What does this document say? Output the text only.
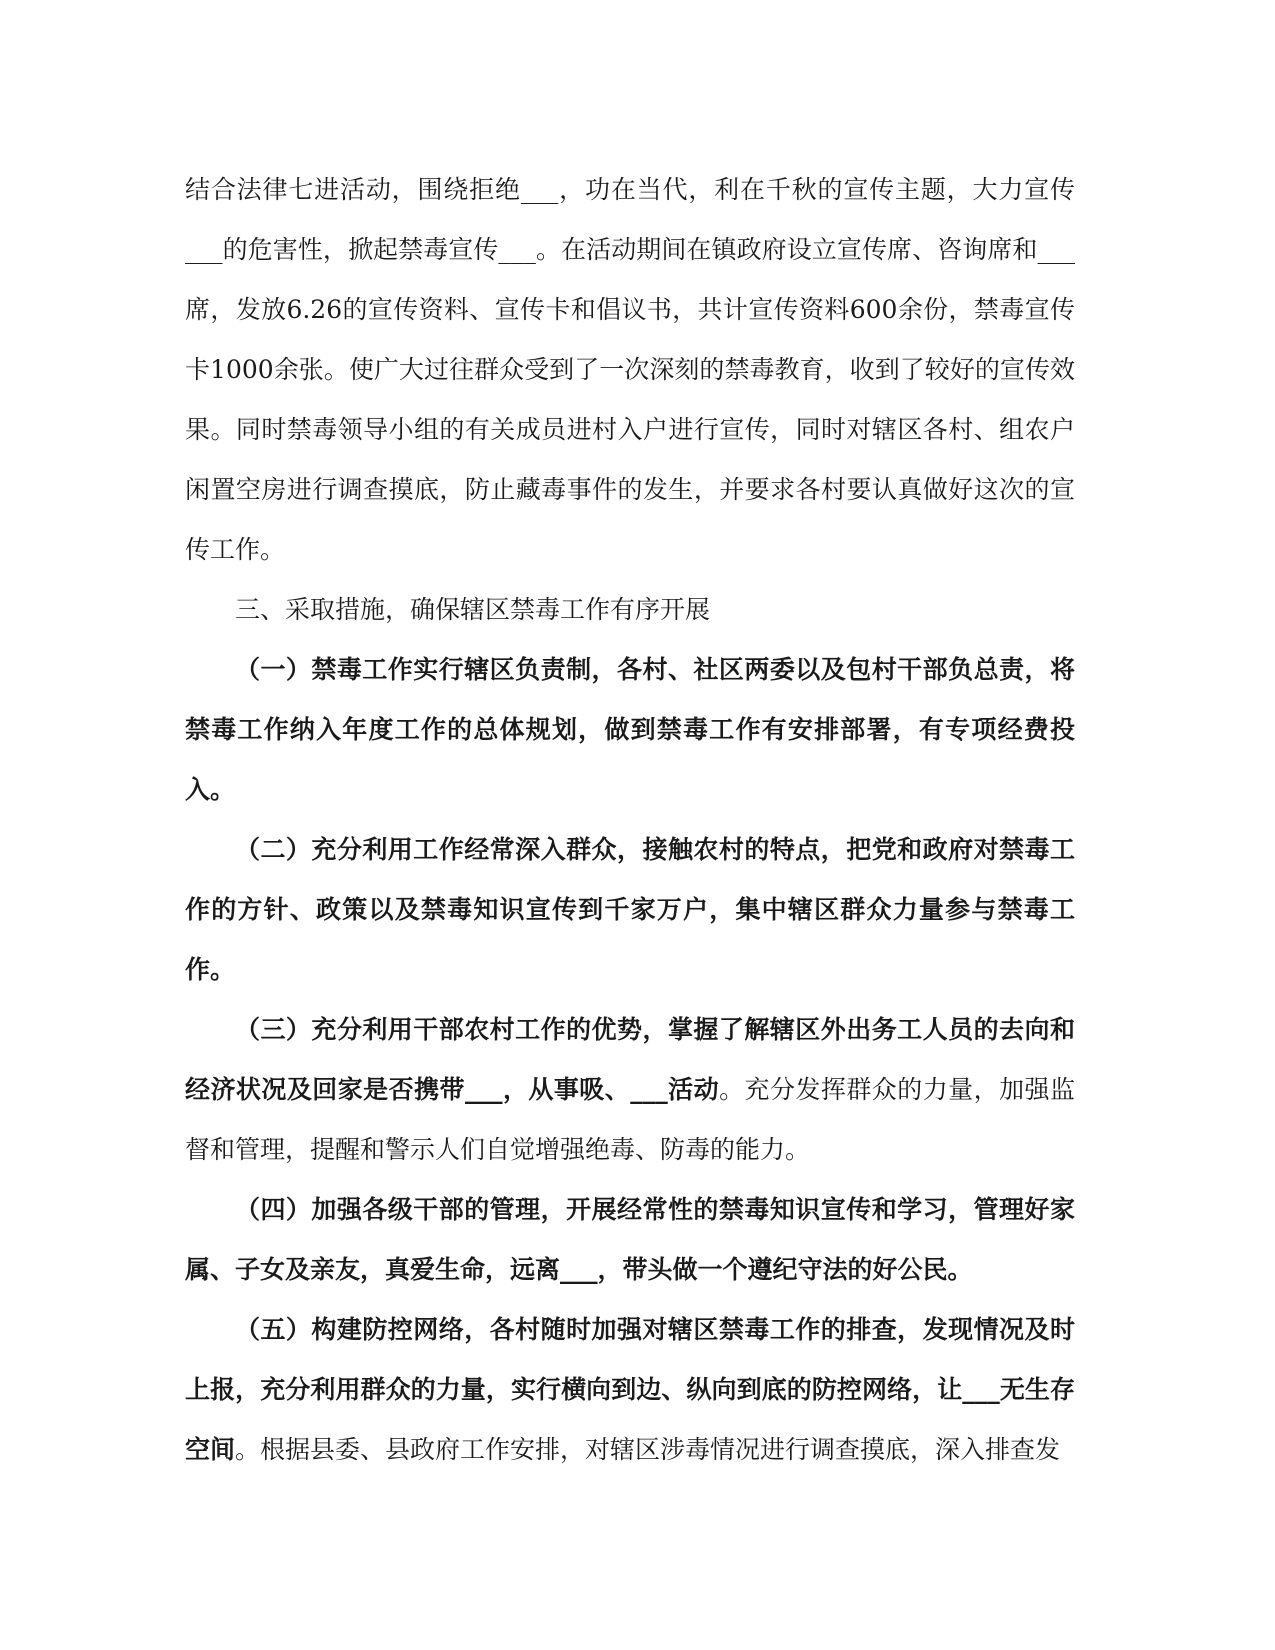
结合法律七进活动，围绕拒绝___，功在当代，利在千秋的宣传主题，大力宣传___的危害性，掀起禁毒宣传___。在活动期间在镇政府设立宣传席、咨询席和___席，发放6.26的宣传资料、宣传卡和倡议书，共计宣传资料600余份，禁毒宣传卡1000余张。使广大过往群众受到了一次深刻的禁毒教育，收到了较好的宣传效果。同时禁毒领导小组的有关成员进村入户进行宣传，同时对辖区各村、组农户闲置空房进行调查摸底，防止藏毒事件的发生，并要求各村要认真做好这次的宣传工作。

三、采取措施，确保辖区禁毒工作有序开展

（一）禁毒工作实行辖区负责制，各村、社区两委以及包村干部负总责，将禁毒工作纳入年度工作的总体规划，做到禁毒工作有安排部署，有专项经费投入。

（二）充分利用工作经常深入群众，接触农村的特点，把党和政府对禁毒工作的方针、政策以及禁毒知识宣传到千家万户，集中辖区群众力量参与禁毒工作。

（三）充分利用干部农村工作的优势，掌握了解辖区外出务工人员的去向和经济状况及回家是否携带___，从事吸、___活动。充分发挥群众的力量，加强监督和管理，提醒和警示人们自觉增强绝毒、防毒的能力。

（四）加强各级干部的管理，开展经常性的禁毒知识宣传和学习，管理好家属、子女及亲友，真爱生命，远离___，带头做一个遵纪守法的好公民。

（五）构建防控网络，各村随时加强对辖区禁毒工作的排查，发现情况及时上报，充分利用群众的力量，实行横向到边、纵向到底的防控网络，让___无生存空间。根据县委、县政府工作安排，对辖区涉毒情况进行调查摸底，深入排查发
